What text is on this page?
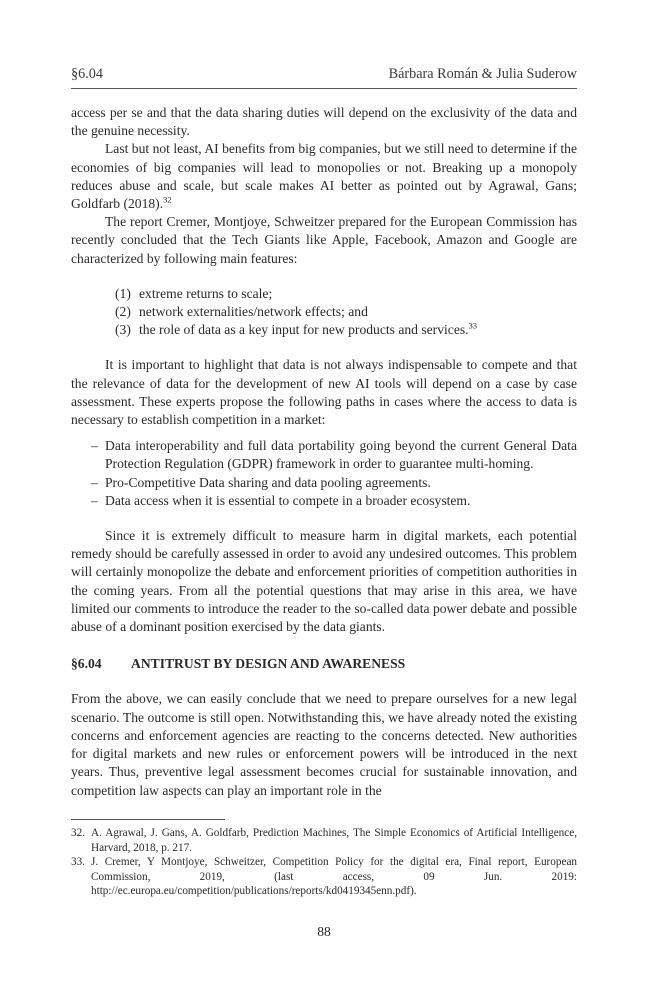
§6.04	Bárbara Román & Julia Suderow

access per se and that the data sharing duties will depend on the exclusivity of the data and the genuine necessity.

Last but not least, AI benefits from big companies, but we still need to determine if the economies of big companies will lead to monopolies or not. Breaking up a monopoly reduces abuse and scale, but scale makes AI better as pointed out by Agrawal, Gans; Goldfarb (2018).$^{32}$

The report Cremer, Montjoye, Schweitzer prepared for the European Commission has recently concluded that the Tech Giants like Apple, Facebook, Amazon and Google are characterized by following main features:

(1) extreme returns to scale;
(2) network externalities/network effects; and
(3) the role of data as a key input for new products and services.$^{33}$

It is important to highlight that data is not always indispensable to compete and that the relevance of data for the development of new AI tools will depend on a case by case assessment. These experts propose the following paths in cases where the access to data is necessary to establish competition in a market:

– Data interoperability and full data portability going beyond the current General Data Protection Regulation (GDPR) framework in order to guarantee multi-homing.
– Pro-Competitive Data sharing and data pooling agreements.
– Data access when it is essential to compete in a broader ecosystem.

Since it is extremely difficult to measure harm in digital markets, each potential remedy should be carefully assessed in order to avoid any undesired outcomes. This problem will certainly monopolize the debate and enforcement priorities of competition authorities in the coming years. From all the potential questions that may arise in this area, we have limited our comments to introduce the reader to the so-called data power debate and possible abuse of a dominant position exercised by the data giants.

§6.04	ANTITRUST BY DESIGN AND AWARENESS

From the above, we can easily conclude that we need to prepare ourselves for a new legal scenario. The outcome is still open. Notwithstanding this, we have already noted the existing concerns and enforcement agencies are reacting to the concerns detected. New authorities for digital markets and new rules or enforcement powers will be introduced in the next years. Thus, preventive legal assessment becomes crucial for sustainable innovation, and competition law aspects can play an important role in the

32. A. Agrawal, J. Gans, A. Goldfarb, Prediction Machines, The Simple Economics of Artificial Intelligence, Harvard, 2018, p. 217.
33. J. Cremer, Y Montjoye, Schweitzer, Competition Policy for the digital era, Final report, European Commission, 2019, (last access, 09 Jun. 2019: http://ec.europa.eu/competition/publications/reports/kd0419345enn.pdf).
88
